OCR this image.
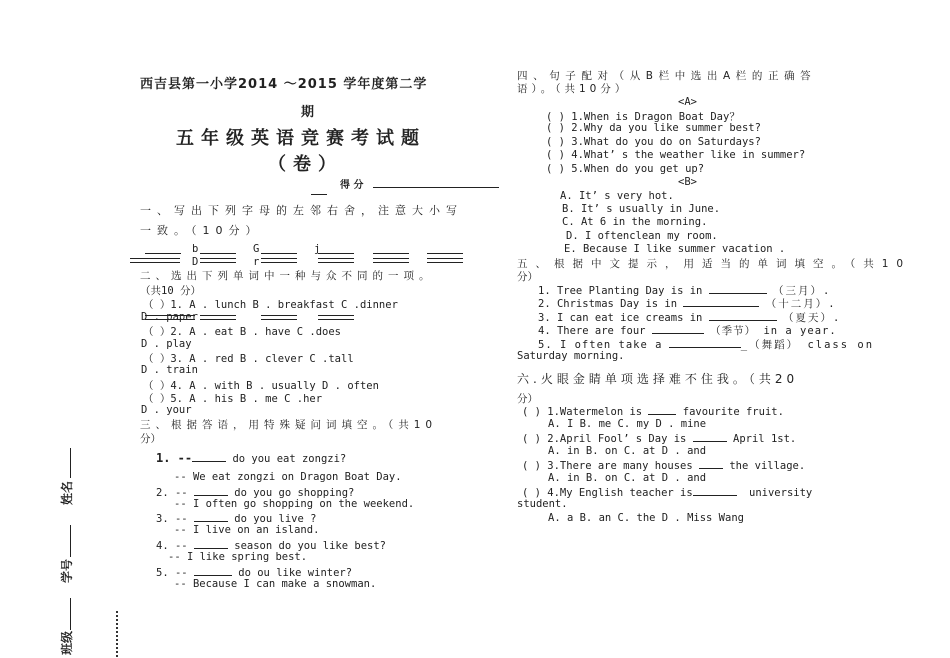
姓名
学号
班级
西吉县第一小学2014 ～2015 学年度第二学
期
五年级英语竞赛考试题
（卷）
得 分
一、写出下列字母的左邻右舍，注意大小写
一致。（10分）
b	G	j
D	r
二、选出下列单词中一种与众不同的一项。
（共10 分）
（ ）1. A . lunch B . breakfast C .dinner
D . paper
（ ）2. A . eat B . have C .does
D . play
（ ）3. A . red B . clever C .tall
D . train
（ ）4. A . with B . usually D . often
（ ）5. A . his B . me C .her
D . your
三、根据答语，用特殊疑问词填空。（共10
分）
1. --	do you eat zongzi?
-- We eat zongzi on Dragon Boat Day.
2. --	do you go shopping?
-- I often go shopping on the weekend.
3. --	do you live ?
-- I live on an island.
4. --	season do you like best?
-- I like spring best.
5. --	do ou like winter?
-- Because I can make a snowman.
四、句子配对（从B栏中选出A栏的正确答
语）。（共10分）
<A>
( ) 1.When is Dragon Boat Day？
( ) 2.Why da you like summer best?
( ) 3.What do you do on Saturdays?
( ) 4.What’ s the weather like in summer?
( ) 5.When do you get up?
<B>
A. It’ s very hot.
B. It’ s usually in June.
C. At 6 in the morning.
D. I oftenclean my room.
E. Because I like summer vacation .
五、根据中文提示，用适当的单词填空。（共10
分）
1. Tree Planting Day is in	（三月）.
2. Christmas Day is in	（十二月）.
3. I can eat ice creams in	（夏天）.
4. There are four	（季节） in a year.
5. I often take a	_（舞蹈） class on
Saturday morning.
六.火眼金睛单项选择难不住我。（共20
分）
( ) 1.Watermelon is	favourite fruit.
A. I B. me C. my D . mine
( ) 2.April Fool’ s Day is	April 1st.
A. in B. on C. at D . and
( ) 3.There are many houses	the village.
A. in B. on C. at D . and
( ) 4.My English teacher is	university
student.
A. a B. an C. the D . Miss Wang
